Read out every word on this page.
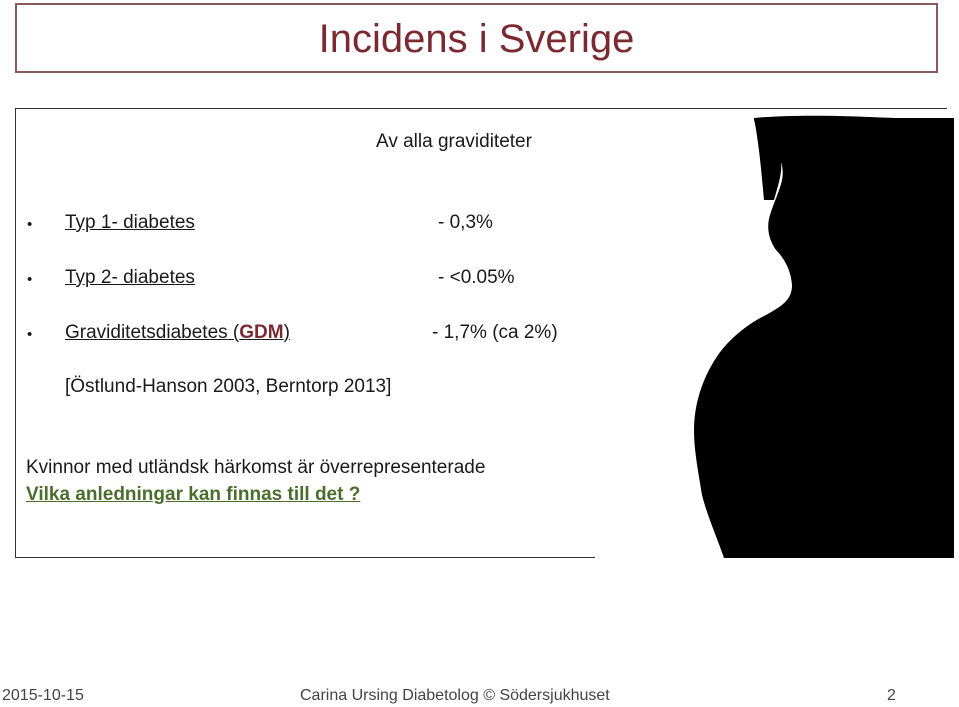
Incidens i Sverige
Av alla graviditeter
• Typ 1- diabetes	- 0,3%
• Typ 2- diabetes	- <0.05%
• Graviditetsdiabetes (GDM)	- 1,7% (ca 2%)
[Östlund-Hanson 2003, Berntorp 2013]
Kvinnor med utländsk härkomst är överrepresenterade
Vilka anledningar kan finnas till det ?
2015-10-15	Carina Ursing Diabetolog © Södersjukhuset	2
